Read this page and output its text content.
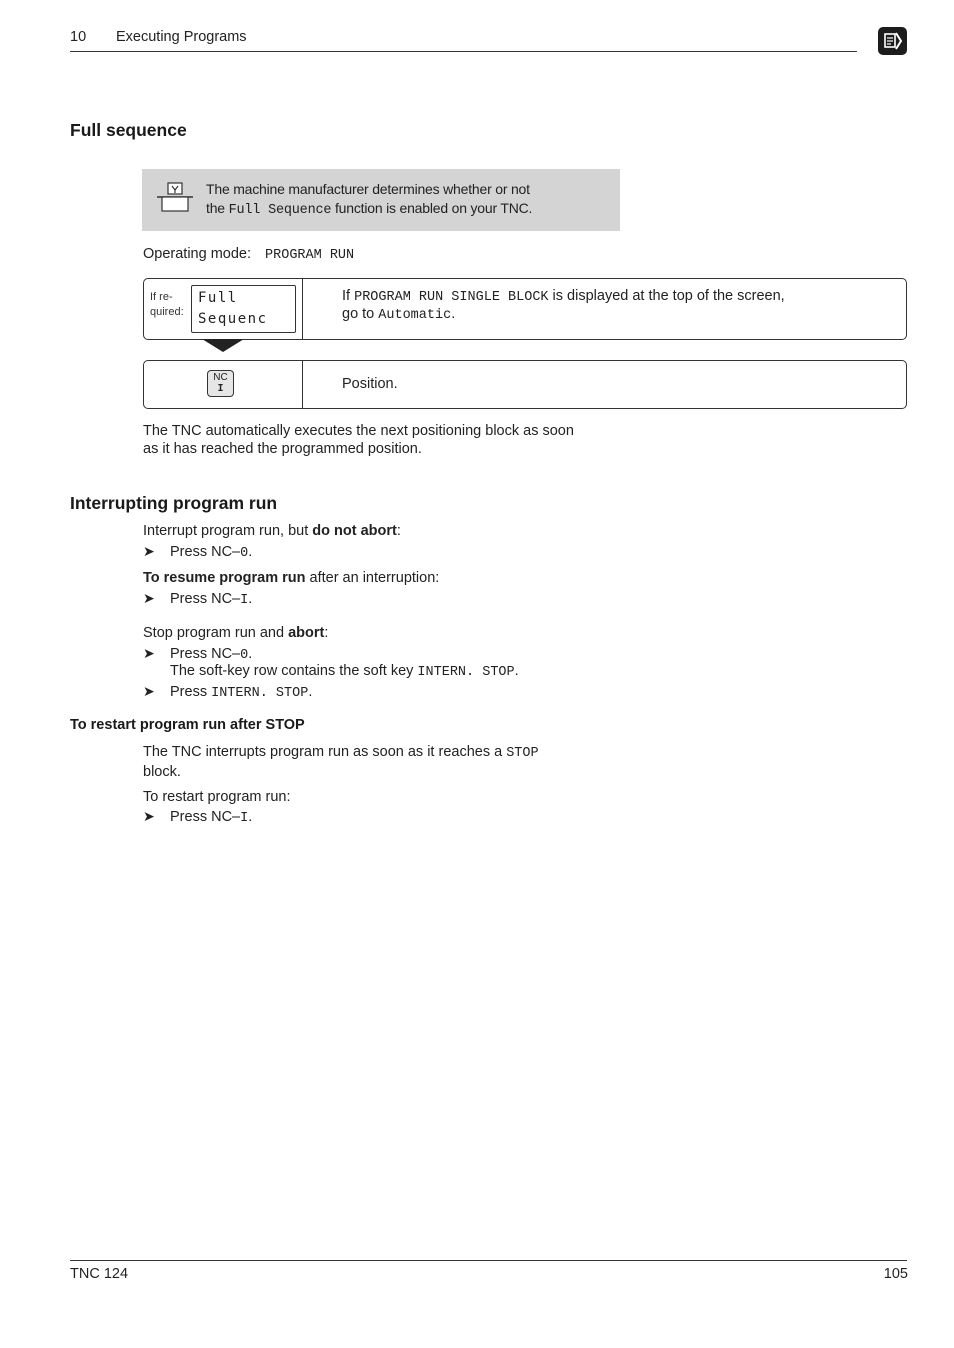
10 Executing Programs
Full sequence
The machine manufacturer determines whether or not
the Full Sequence function is enabled on your TNC.
Operating mode: PROGRAM RUN
If re-
quired:
Full
Sequenc
If PROGRAM RUN SINGLE BLOCK is displayed at the top of the screen,
go to Automatic.
NC
I	Position.
The TNC automatically executes the next positioning block as soon
as it has reached the programmed position.
Interrupting program run
Interrupt program run, but do not abort:
➤ Press NC–0.
To resume program run after an interruption:
➤ Press NC–I.
Stop program run and abort:
➤ Press NC–0.
The soft-key row contains the soft key INTERN. STOP.
➤ Press INTERN. STOP.
To restart program run after STOP
The TNC interrupts program run as soon as it reaches a STOP
block.
To restart program run:
➤ Press NC–I.
TNC 124	105
